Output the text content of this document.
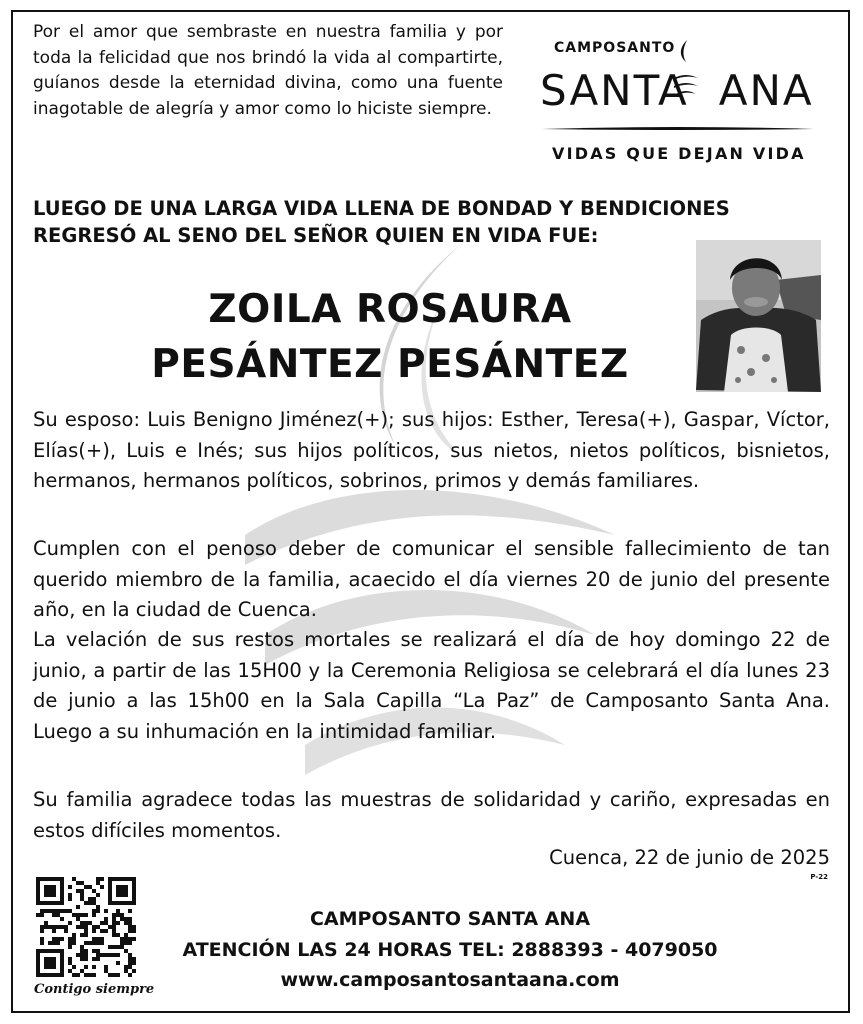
Por el amor que sembraste en nuestra familia y por toda la felicidad que nos brindó la vida al compartirte, guíanos desde la eternidad divina, como una fuente inagotable de alegría y amor como lo hiciste siempre.

CAMPOSANTO
SANTA ANA
VIDAS QUE DEJAN VIDA

LUEGO DE UNA LARGA VIDA LLENA DE BONDAD Y BENDICIONES REGRESÓ AL SENO DEL SEÑOR QUIEN EN VIDA FUE:

ZOILA ROSAURA
PESÁNTEZ PESÁNTEZ

Su esposo: Luis Benigno Jiménez(+); sus hijos: Esther, Teresa(+), Gaspar, Víctor, Elías(+), Luis e Inés; sus hijos políticos, sus nietos, nietos políticos, bisnietos, hermanos, hermanos políticos, sobrinos, primos y demás familiares.

Cumplen con el penoso deber de comunicar el sensible fallecimiento de tan querido miembro de la familia, acaecido el día viernes 20 de junio del presente año, en la ciudad de Cuenca.

La velación de sus restos mortales se realizará el día de hoy domingo 22 de junio, a partir de las 15H00 y la Ceremonia Religiosa se celebrará el día lunes 23 de junio a las 15h00 en la Sala Capilla “La Paz” de Camposanto Santa Ana. Luego a su inhumación en la intimidad familiar.

Su familia agradece todas las muestras de solidaridad y cariño, expresadas en estos difíciles momentos.

Cuenca, 22 de junio de 2025

P-22
Contigo siempre
CAMPOSANTO SANTA ANA
ATENCIÓN LAS 24 HORAS TEL: 2888393 - 4079050
www.camposantosantaana.com
